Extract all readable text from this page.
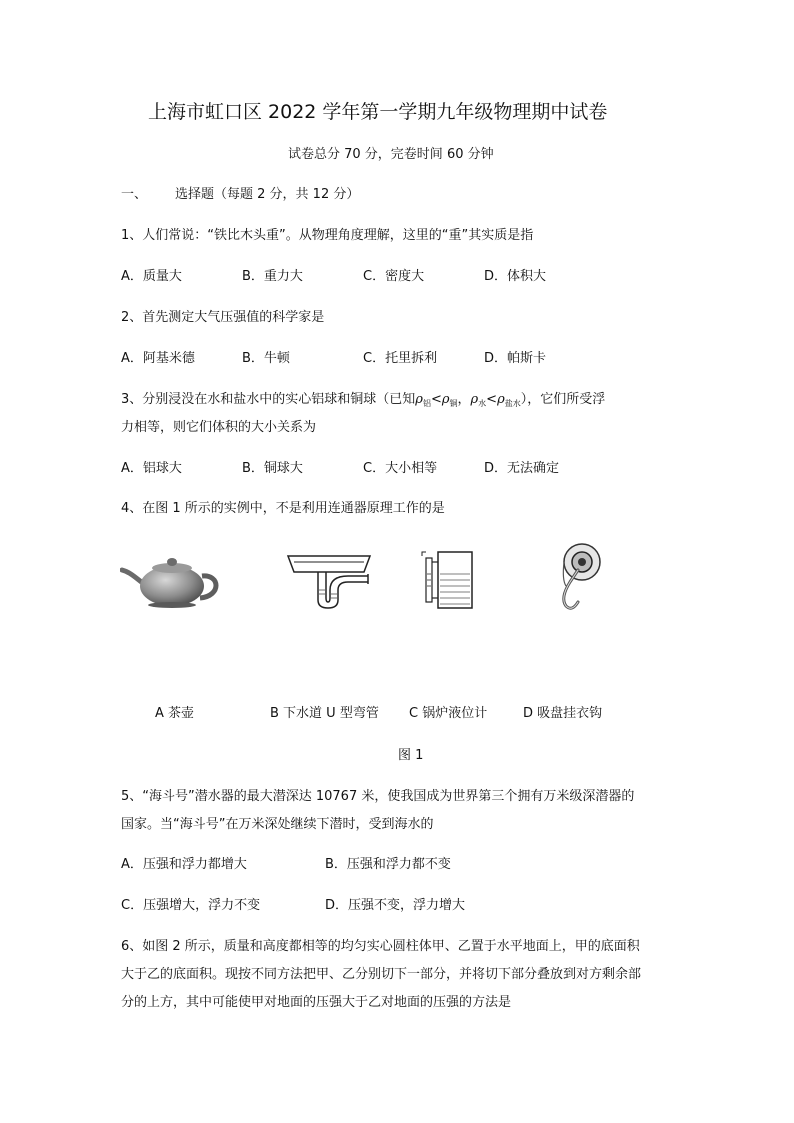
上海市虹口区 2022 学年第一学期九年级物理期中试卷
试卷总分 70 分，完卷时间 60 分钟
一、 选择题（每题 2 分，共 12 分）
1、人们常说：“铁比木头重”。从物理角度理解，这里的“重”其实质是指
A．质量大	B．重力大	C．密度大	D．体积大
2、首先测定大气压强值的科学家是
A．阿基米德	B．牛顿	C．托里拆利	D．帕斯卡
3、分别浸没在水和盐水中的实心铝球和铜球（已知$\rho_铝<\rho_铜$，$\rho_水<\rho_{盐水}$），它们所受浮
力相等，则它们体积的大小关系为
A．铝球大	B．铜球大	C．大小相等	D．无法确定
4、在图 1 所示的实例中，不是利用连通器原理工作的是
A 茶壶	B 下水道 U 型弯管 C 锅炉液位计	D 吸盘挂衣钩
图 1
5、“海斗号”潜水器的最大潜深达 10767 米，使我国成为世界第三个拥有万米级深潜器的
国家。当“海斗号”在万米深处继续下潜时，受到海水的
A．压强和浮力都增大	B．压强和浮力都不变
C．压强增大，浮力不变	D．压强不变，浮力增大
6、如图 2 所示，质量和高度都相等的均匀实心圆柱体甲、乙置于水平地面上，甲的底面积
大于乙的底面积。现按不同方法把甲、乙分别切下一部分，并将切下部分叠放到对方剩余部
分的上方，其中可能使甲对地面的压强大于乙对地面的压强的方法是
